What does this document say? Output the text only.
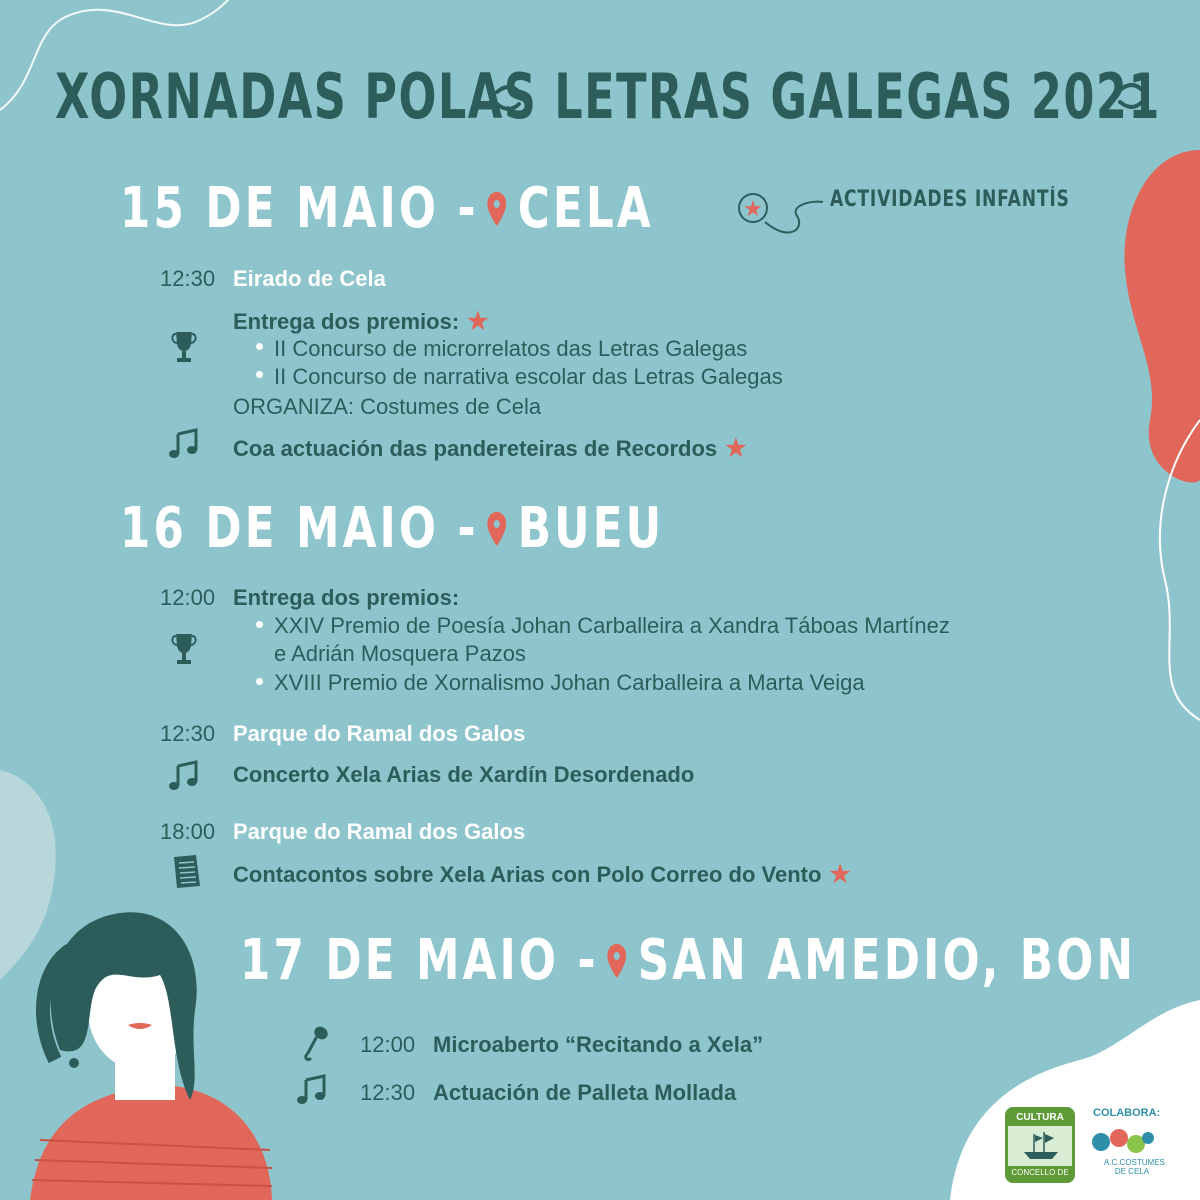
XORNADAS POLAS LETRAS GALEGAS 2021
★	ACTIVIDADES INFANTÍS
15 DE MAIO - CELA
12:30 Eirado de Cela
Entrega dos premios: ★
II Concurso de microrrelatos das Letras Galegas
II Concurso de narrativa escolar das Letras Galegas
ORGANIZA: Costumes de Cela
Coa actuación das pandereteiras de Recordos ★
16 DE MAIO - BUEU
12:00 Entrega dos premios:
XXIV Premio de Poesía Johan Carballeira a Xandra Táboas Martínez
e Adrián Mosquera Pazos
XVIII Premio de Xornalismo Johan Carballeira a Marta Veiga
12:30 Parque do Ramal dos Galos
Concerto Xela Arias de Xardín Desordenado
18:00 Parque do Ramal dos Galos
Contacontos sobre Xela Arias con Polo Correo do Vento ★
17 DE MAIO - SAN AMEDIO, BON
12:00 Microaberto “Recitando a Xela”
12:30 Actuación de Palleta Mollada
CULTURA
CONCELLO DE BUEU
COLABORA:
A.C.COSTUMES DE CELA
